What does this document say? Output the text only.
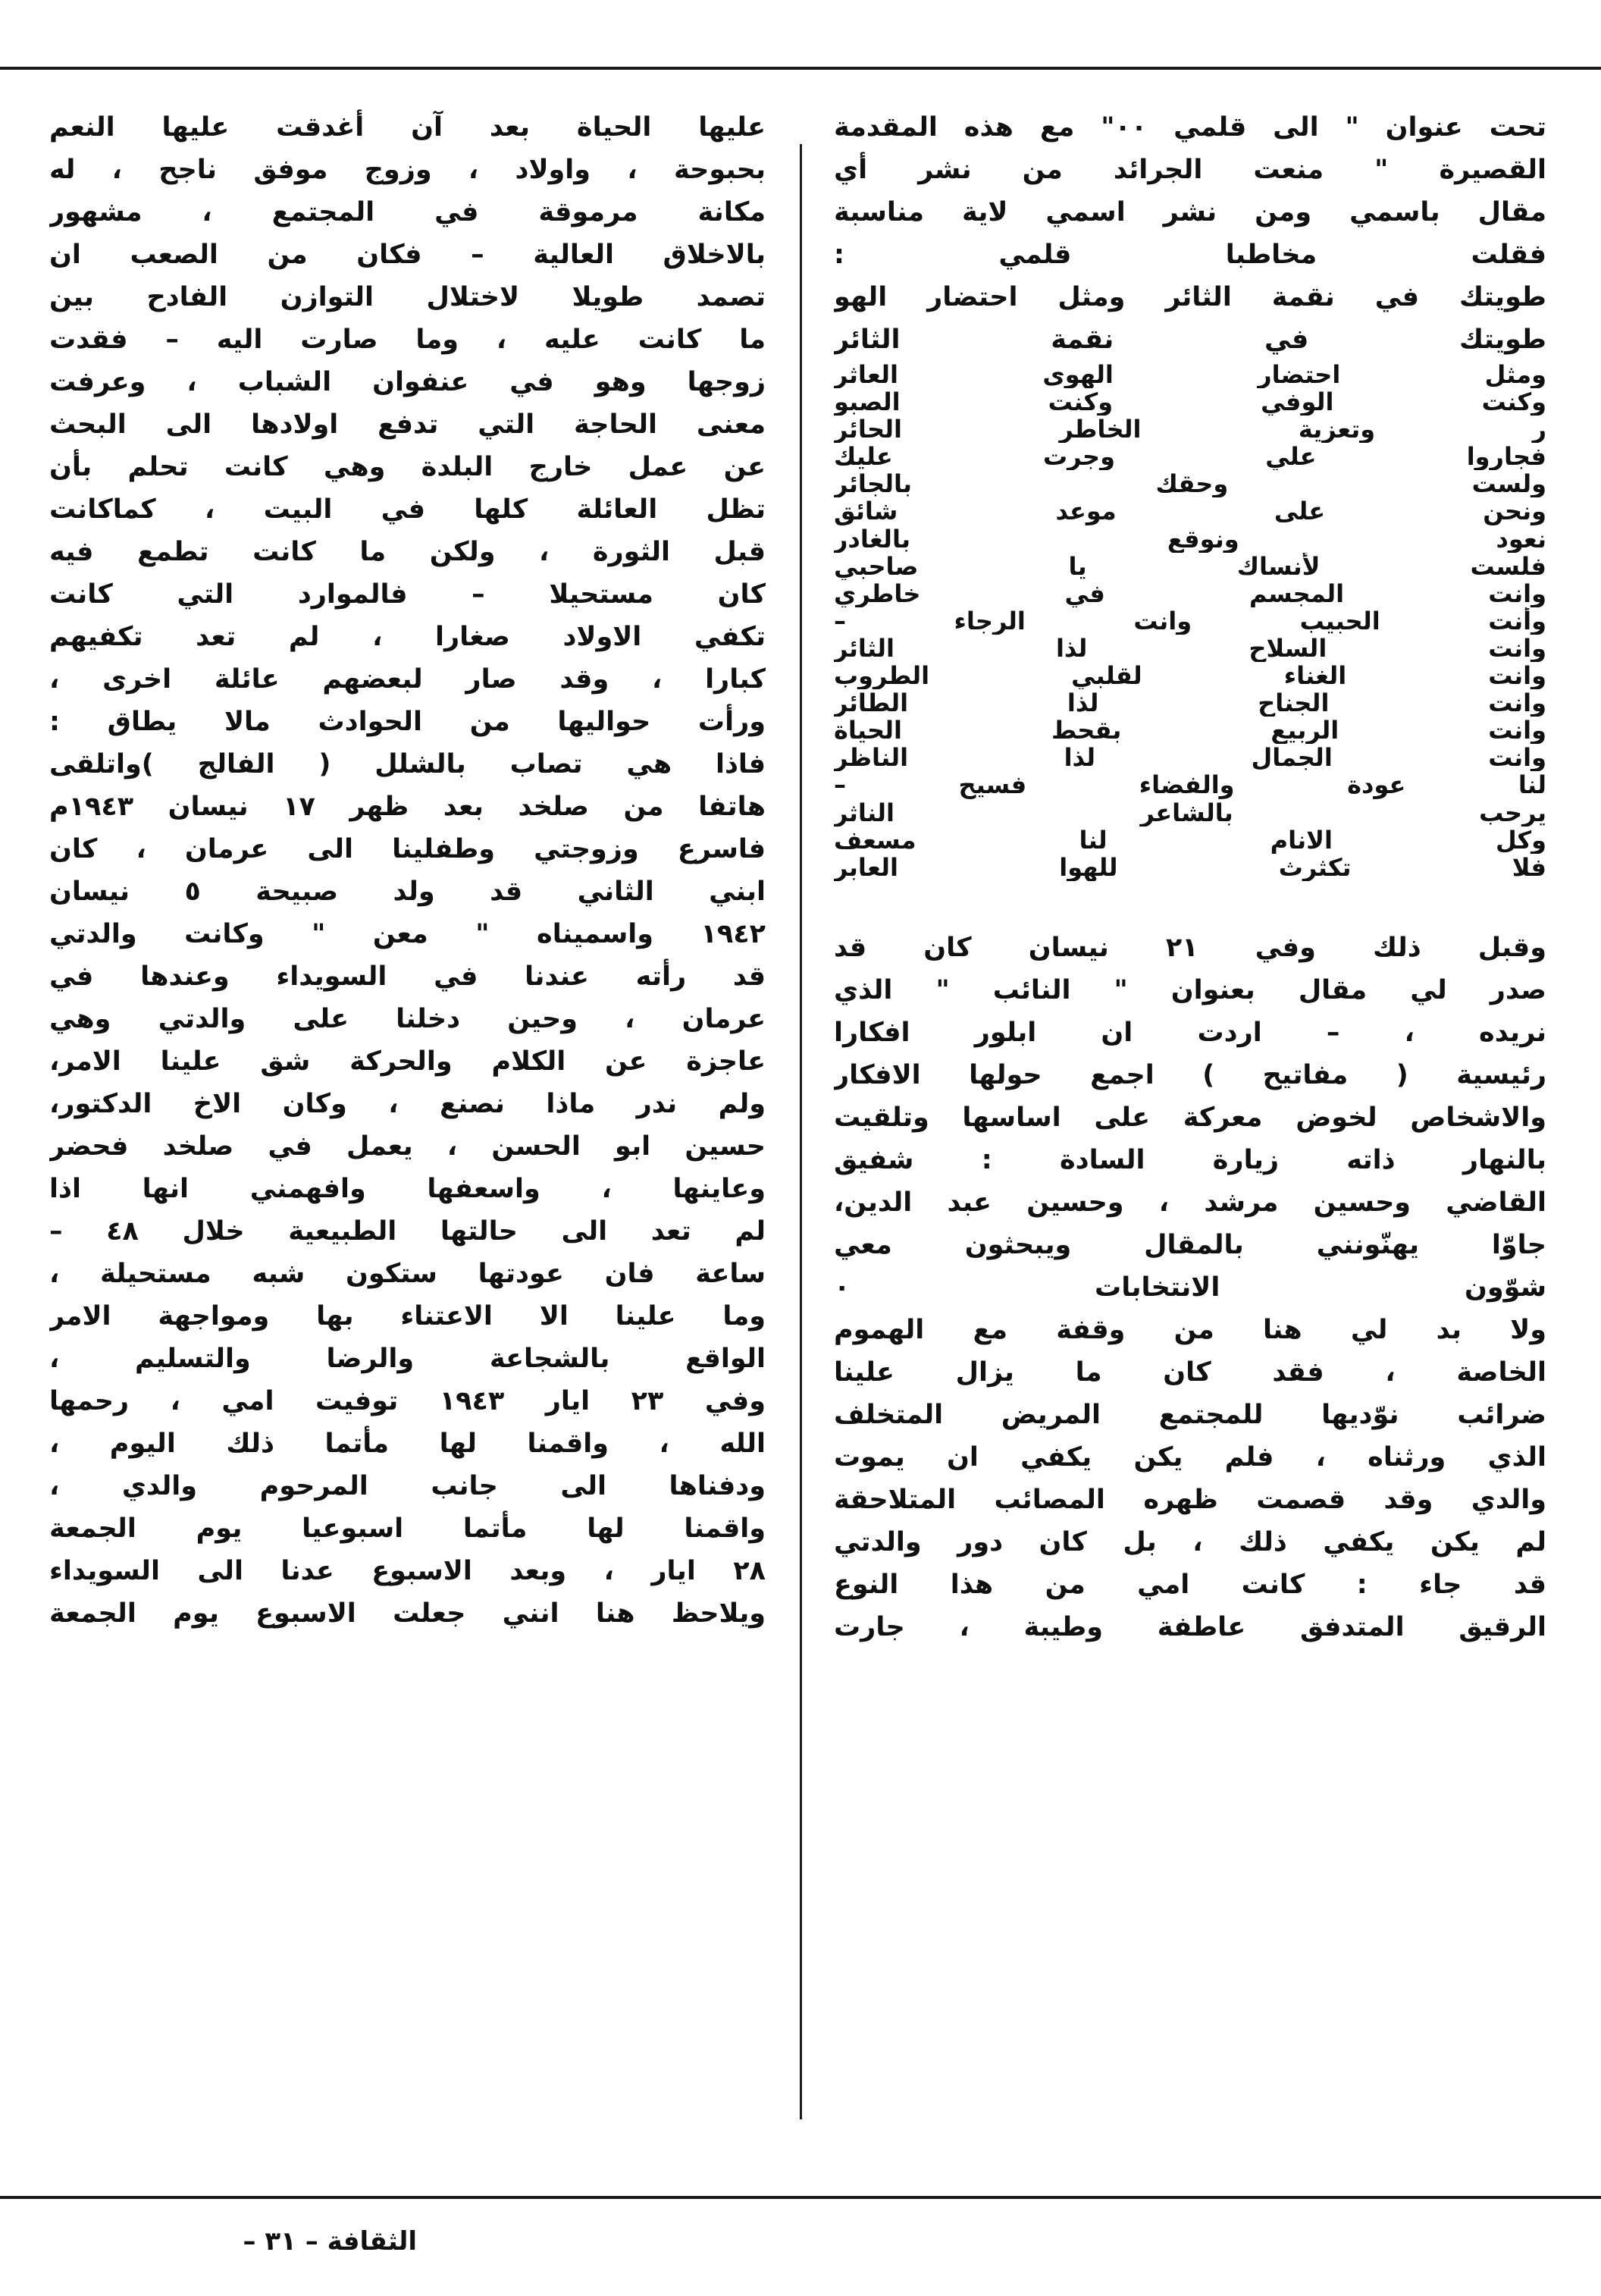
تحت عنوان " الى قلمي ٠٠" مع هذه المقدمة
القصيرة " منعت الجرائد من نشر أي
مقال باسمي ومن نشر اسمي لاية مناسبة
فقلت مخاطبا قلمي :
طويتك في نقمة الثائر ومثل احتضار الهو
طويتك في نقمة الثائر
ومثل احتضار الهوى العاثر
وكنت الوفي وكنت الصبو
ر وتعزية الخاطر الحائر
فجاروا علي وجرت عليك
ولست وحقك بالجائر
ونحن على موعد شائق
نعود ونوقع بالغادر
فلست لأنساك يا صاحبي
وانت المجسم في خاطري
وأنت الحبيب وانت الرجاء –
وانت السلاح لذا الثائر
وانت الغناء لقلبي الطروب
وانت الجناح لذا الطائر
وانت الربيع بقحط الحياة
وانت الجمال لذا الناظر
لنا عودة والفضاء فسيح –
يرحب بالشاعر الناثر
وكل الانام لنا مسعف
فلا تكثرث للهوا العابر
وقبل ذلك وفي ٢١ نيسان كان قد
صدر لي مقال بعنوان " النائب " الذي
نريده ، – اردت ان ابلور افكارا
رئيسية ( مفاتيح ) اجمع حولها الافكار
والاشخاص لخوض معركة على اساسها وتلقيت
بالنهار ذاته زيارة السادة : شفيق
القاضي وحسين مرشد ، وحسين عبد الدين،
جاوّا يهنّونني بالمقال ويبحثون معي
شوّون الانتخابات ٠
ولا بد لي هنا من وقفة مع الهموم
الخاصة ، فقد كان ما يزال علينا
ضرائب نوّديها للمجتمع المريض المتخلف
الذي ورثناه ، فلم يكن يكفي ان يموت
والدي وقد قصمت ظهره المصائب المتلاحقة
لم يكن يكفي ذلك ، بل كان دور والدتي
قد جاء : كانت امي من هذا النوع
الرقيق المتدفق عاطفة وطيبة ، جارت
عليها الحياة بعد آن أغدقت عليها النعم
بحبوحة ، واولاد ، وزوج موفق ناجح ، له
مكانة مرموقة في المجتمع ، مشهور
بالاخلاق العالية – فكان من الصعب ان
تصمد طويلا لاختلال التوازن الفادح بين
ما كانت عليه ، وما صارت اليه – فقدت
زوجها وهو في عنفوان الشباب ، وعرفت
معنى الحاجة التي تدفع اولادها الى البحث
عن عمل خارج البلدة وهي كانت تحلم بأن
تظل العائلة كلها في البيت ، كماكانت
قبل الثورة ، ولكن ما كانت تطمع فيه
كان مستحيلا – فالموارد التي كانت
تكفي الاولاد صغارا ، لم تعد تكفيهم
كبارا ، وقد صار لبعضهم عائلة اخرى ،
ورأت حواليها من الحوادث مالا يطاق :
فاذا هي تصاب بالشلل ( الفالج )واتلقى
هاتفا من صلخد بعد ظهر ١٧ نيسان ١٩٤٣م
فاسرع وزوجتي وطفلينا الى عرمان ، كان
ابني الثاني قد ولد صبيحة ٥ نيسان
١٩٤٢ واسميناه " معن " وكانت والدتي
قد رأته عندنا في السويداء وعندها في
عرمان ، وحين دخلنا على والدتي وهي
عاجزة عن الكلام والحركة شق علينا الامر،
ولم ندر ماذا نصنع ، وكان الاخ الدكتور،
حسين ابو الحسن ، يعمل في صلخد فحضر
وعاينها ، واسعفها وافهمني انها اذا
لم تعد الى حالتها الطبيعية خلال ٤٨ –
ساعة فان عودتها ستكون شبه مستحيلة ،
وما علينا الا الاعتناء بها ومواجهة الامر
الواقع بالشجاعة والرضا والتسليم ،
وفي ٢٣ ايار ١٩٤٣ توفيت امي ، رحمها
الله ، واقمنا لها مأتما ذلك اليوم ،
ودفناها الى جانب المرحوم والدي ،
واقمنا لها مأتما اسبوعيا يوم الجمعة
٢٨ ايار ، وبعد الاسبوع عدنا الى السويداء
ويلاحظ هنا انني جعلت الاسبوع يوم الجمعة
الثقافة – ٣١ –
